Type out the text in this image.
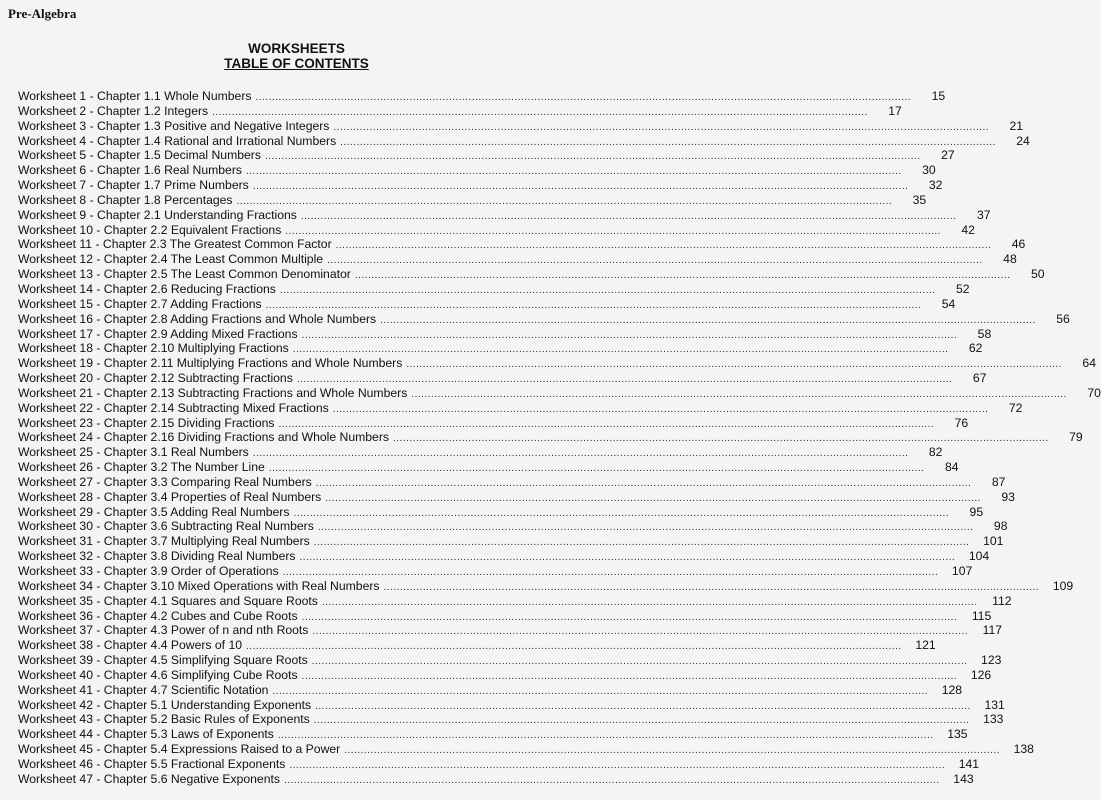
Pre-Algebra
WORKSHEETS
TABLE OF CONTENTS
Worksheet 1 - Chapter 1.1 Whole Numbers ........................................................................................................................................................................................................	15
Worksheet 2 - Chapter 1.2 Integers ........................................................................................................................................................................................................	17
Worksheet 3 - Chapter 1.3 Positive and Negative Integers ........................................................................................................................................................................................................	21
Worksheet 4 - Chapter 1.4 Rational and Irrational Numbers ........................................................................................................................................................................................................	24
Worksheet 5 - Chapter 1.5 Decimal Numbers ........................................................................................................................................................................................................	27
Worksheet 6 - Chapter 1.6 Real Numbers ........................................................................................................................................................................................................	30
Worksheet 7 - Chapter 1.7 Prime Numbers ........................................................................................................................................................................................................	32
Worksheet 8 - Chapter 1.8 Percentages ........................................................................................................................................................................................................	35
Worksheet 9 - Chapter 2.1 Understanding Fractions ........................................................................................................................................................................................................	37
Worksheet 10 - Chapter 2.2 Equivalent Fractions ........................................................................................................................................................................................................	42
Worksheet 11 - Chapter 2.3 The Greatest Common Factor ........................................................................................................................................................................................................	46
Worksheet 12 - Chapter 2.4 The Least Common Multiple ........................................................................................................................................................................................................	48
Worksheet 13 - Chapter 2.5 The Least Common Denominator ........................................................................................................................................................................................................	50
Worksheet 14 - Chapter 2.6 Reducing Fractions ........................................................................................................................................................................................................	52
Worksheet 15 - Chapter 2.7 Adding Fractions ........................................................................................................................................................................................................	54
Worksheet 16 - Chapter 2.8 Adding Fractions and Whole Numbers ........................................................................................................................................................................................................	56
Worksheet 17 - Chapter 2.9 Adding Mixed Fractions ........................................................................................................................................................................................................	58
Worksheet 18 - Chapter 2.10 Multiplying Fractions ........................................................................................................................................................................................................	62
Worksheet 19 - Chapter 2.11 Multiplying Fractions and Whole Numbers ........................................................................................................................................................................................................	64
Worksheet 20 - Chapter 2.12 Subtracting Fractions ........................................................................................................................................................................................................	67
Worksheet 21 - Chapter 2.13 Subtracting Fractions and Whole Numbers ........................................................................................................................................................................................................	70
Worksheet 22 - Chapter 2.14 Subtracting Mixed Fractions ........................................................................................................................................................................................................	72
Worksheet 23 - Chapter 2.15 Dividing Fractions ........................................................................................................................................................................................................	76
Worksheet 24 - Chapter 2.16 Dividing Fractions and Whole Numbers ........................................................................................................................................................................................................	79
Worksheet 25 - Chapter 3.1 Real Numbers ........................................................................................................................................................................................................	82
Worksheet 26 - Chapter 3.2 The Number Line ........................................................................................................................................................................................................	84
Worksheet 27 - Chapter 3.3 Comparing Real Numbers ........................................................................................................................................................................................................	87
Worksheet 28 - Chapter 3.4 Properties of Real Numbers ........................................................................................................................................................................................................	93
Worksheet 29 - Chapter 3.5 Adding Real Numbers ........................................................................................................................................................................................................	95
Worksheet 30 - Chapter 3.6 Subtracting Real Numbers ........................................................................................................................................................................................................	98
Worksheet 31 - Chapter 3.7 Multiplying Real Numbers ........................................................................................................................................................................................................	101
Worksheet 32 - Chapter 3.8 Dividing Real Numbers ........................................................................................................................................................................................................	104
Worksheet 33 - Chapter 3.9 Order of Operations ........................................................................................................................................................................................................	107
Worksheet 34 - Chapter 3.10 Mixed Operations with Real Numbers ........................................................................................................................................................................................................	109
Worksheet 35 - Chapter 4.1 Squares and Square Roots ........................................................................................................................................................................................................	112
Worksheet 36 - Chapter 4.2 Cubes and Cube Roots ........................................................................................................................................................................................................	115
Worksheet 37 - Chapter 4.3 Power of n and nth Roots ........................................................................................................................................................................................................	117
Worksheet 38 - Chapter 4.4 Powers of 10 ........................................................................................................................................................................................................	121
Worksheet 39 - Chapter 4.5 Simplifying Square Roots ........................................................................................................................................................................................................	123
Worksheet 40 - Chapter 4.6 Simplifying Cube Roots ........................................................................................................................................................................................................	126
Worksheet 41 - Chapter 4.7 Scientific Notation ........................................................................................................................................................................................................	128
Worksheet 42 - Chapter 5.1 Understanding Exponents ........................................................................................................................................................................................................	131
Worksheet 43 - Chapter 5.2 Basic Rules of Exponents ........................................................................................................................................................................................................	133
Worksheet 44 - Chapter 5.3 Laws of Exponents ........................................................................................................................................................................................................	135
Worksheet 45 - Chapter 5.4 Expressions Raised to a Power ........................................................................................................................................................................................................	138
Worksheet 46 - Chapter 5.5 Fractional Exponents ........................................................................................................................................................................................................	141
Worksheet 47 - Chapter 5.6 Negative Exponents ........................................................................................................................................................................................................	143
